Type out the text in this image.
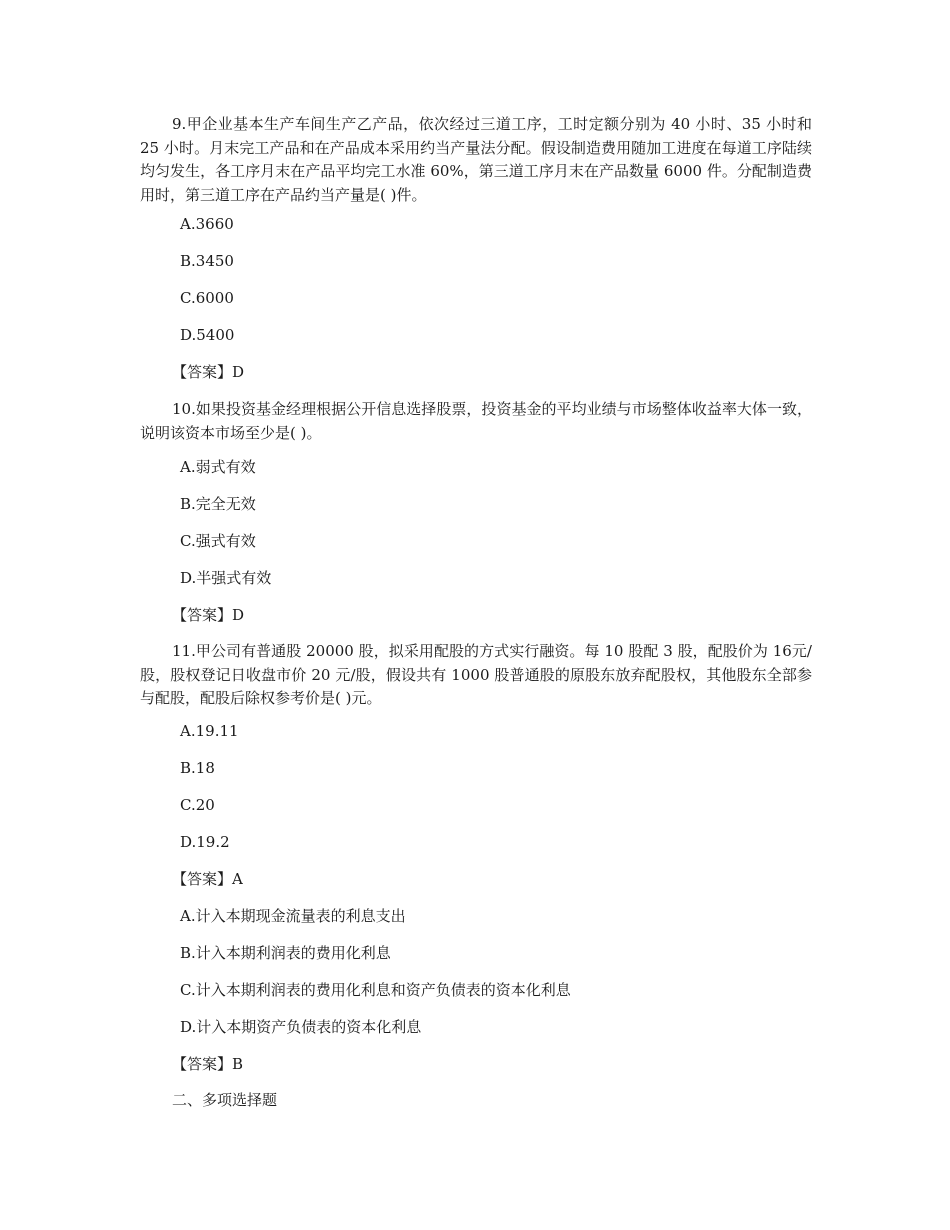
9.甲企业基本生产车间生产乙产品，依次经过三道工序，工时定额分别为 40 小时、35 小时和 25 小时。月末完工产品和在产品成本采用约当产量法分配。假设制造费用随加工进度在每道工序陆续均匀发生，各工序月末在产品平均完工水准 60%，第三道工序月末在产品数量 6000 件。分配制造费用时，第三道工序在产品约当产量是( )件。

A.3660

B.3450

C.6000

D.5400

【答案】D

10.如果投资基金经理根据公开信息选择股票，投资基金的平均业绩与市场整体收益率大体一致，说明该资本市场至少是( )。

A.弱式有效

B.完全无效

C.强式有效

D.半强式有效

【答案】D

11.甲公司有普通股 20000 股，拟采用配股的方式实行融资。每 10 股配 3 股，配股价为 16元/股，股权登记日收盘市价 20 元/股，假设共有 1000 股普通股的原股东放弃配股权，其他股东全部参与配股，配股后除权参考价是( )元。

A.19.11

B.18

C.20

D.19.2

【答案】A

A.计入本期现金流量表的利息支出

B.计入本期利润表的费用化利息

C.计入本期利润表的费用化利息和资产负债表的资本化利息

D.计入本期资产负债表的资本化利息

【答案】B

二、多项选择题
